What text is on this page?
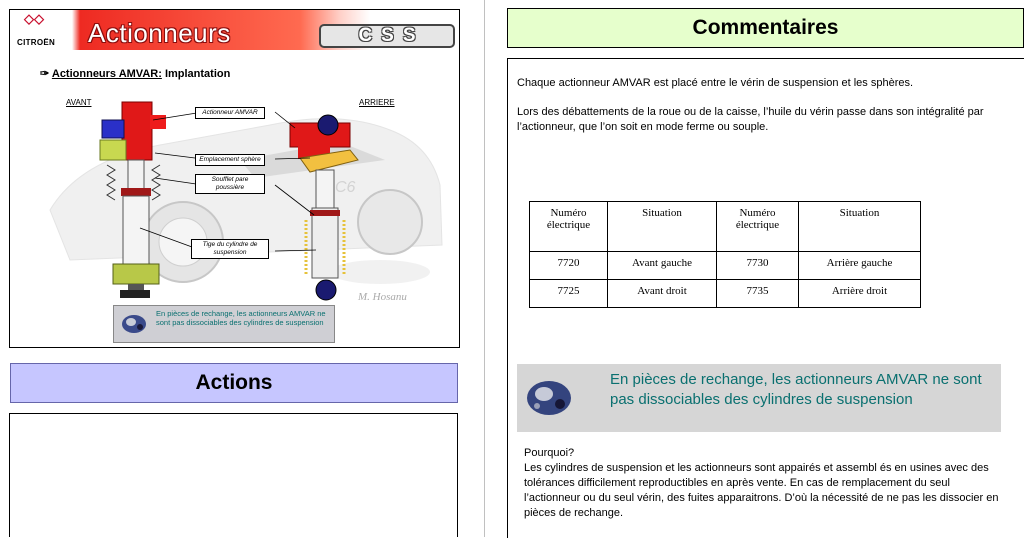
◇◇
CITROËN Actionneurs	CSS
✑ Actionneurs AMVAR: Implantation
AVANT	ARRIERE
C6
M. Hosanu
Actionneur AMVAR
Emplacement sphère
Soufflet pare poussière
Tige du cylindre de suspension
En pièces de rechange, les actionneurs AMVAR ne sont pas dissociables des cylindres de suspension
Actions
Commentaires
Chaque actionneur AMVAR est placé entre le vérin de suspension et les sphères.
Lors des débattements de la roue ou de la caisse, l’huile du vérin passe dans son intégralité par l’actionneur, que l’on soit en mode ferme ou souple.
Numéro électrique	Situation	Numéro électrique	Situation
7720	Avant gauche	7730	Arrière gauche
7725	Avant droit	7735	Arrière droit
En pièces de rechange, les actionneurs AMVAR ne sont pas dissociables des cylindres de suspension
Pourquoi?
Les cylindres de suspension et les actionneurs sont appairés et assembl és en usines avec des tolérances difficilement reproductibles en après vente. En cas de remplacement du seul l’actionneur ou du seul vérin, des fuites apparaitrons. D’où la nécessité de ne pas les dissocier en pièces de rechange.
